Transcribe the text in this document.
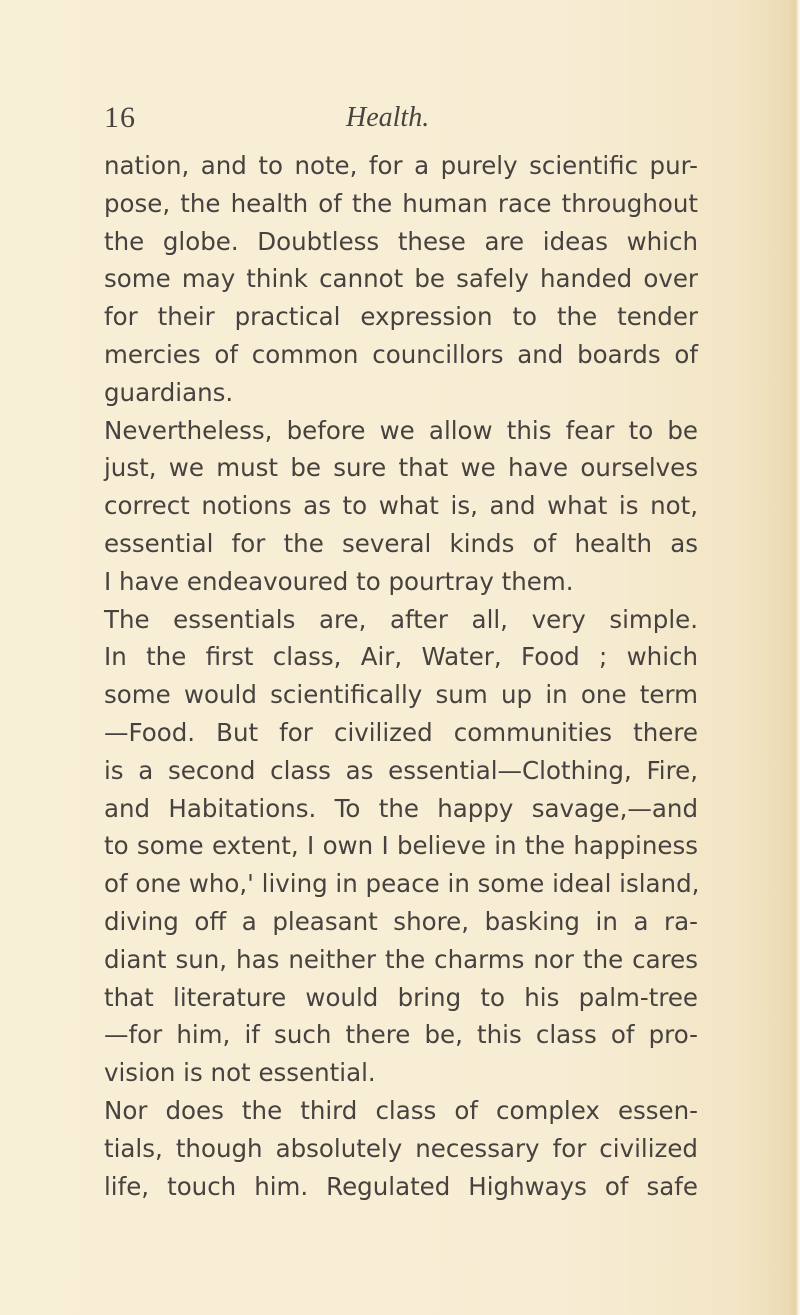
16	Health.
nation, and to note, for a purely scientific pur-
pose, the health of the human race throughout
the globe. Doubtless these are ideas which
some may think cannot be safely handed over
for their practical expression to the tender
mercies of common councillors and boards of
guardians.
Nevertheless, before we allow this fear to be
just, we must be sure that we have ourselves
correct notions as to what is, and what is not,
essential for the several kinds of health as
I have endeavoured to pourtray them.
The essentials are, after all, very simple.
In the first class, Air, Water, Food ; which
some would scientifically sum up in one term
—Food. But for civilized communities there
is a second class as essential—Clothing, Fire,
and Habitations. To the happy savage,—and
to some extent, I own I believe in the happiness
of one who,' living in peace in some ideal island,
diving off a pleasant shore, basking in a ra-
diant sun, has neither the charms nor the cares
that literature would bring to his palm-tree
—for him, if such there be, this class of pro-
vision is not essential.
Nor does the third class of complex essen-
tials, though absolutely necessary for civilized
life, touch him. Regulated Highways of safe
